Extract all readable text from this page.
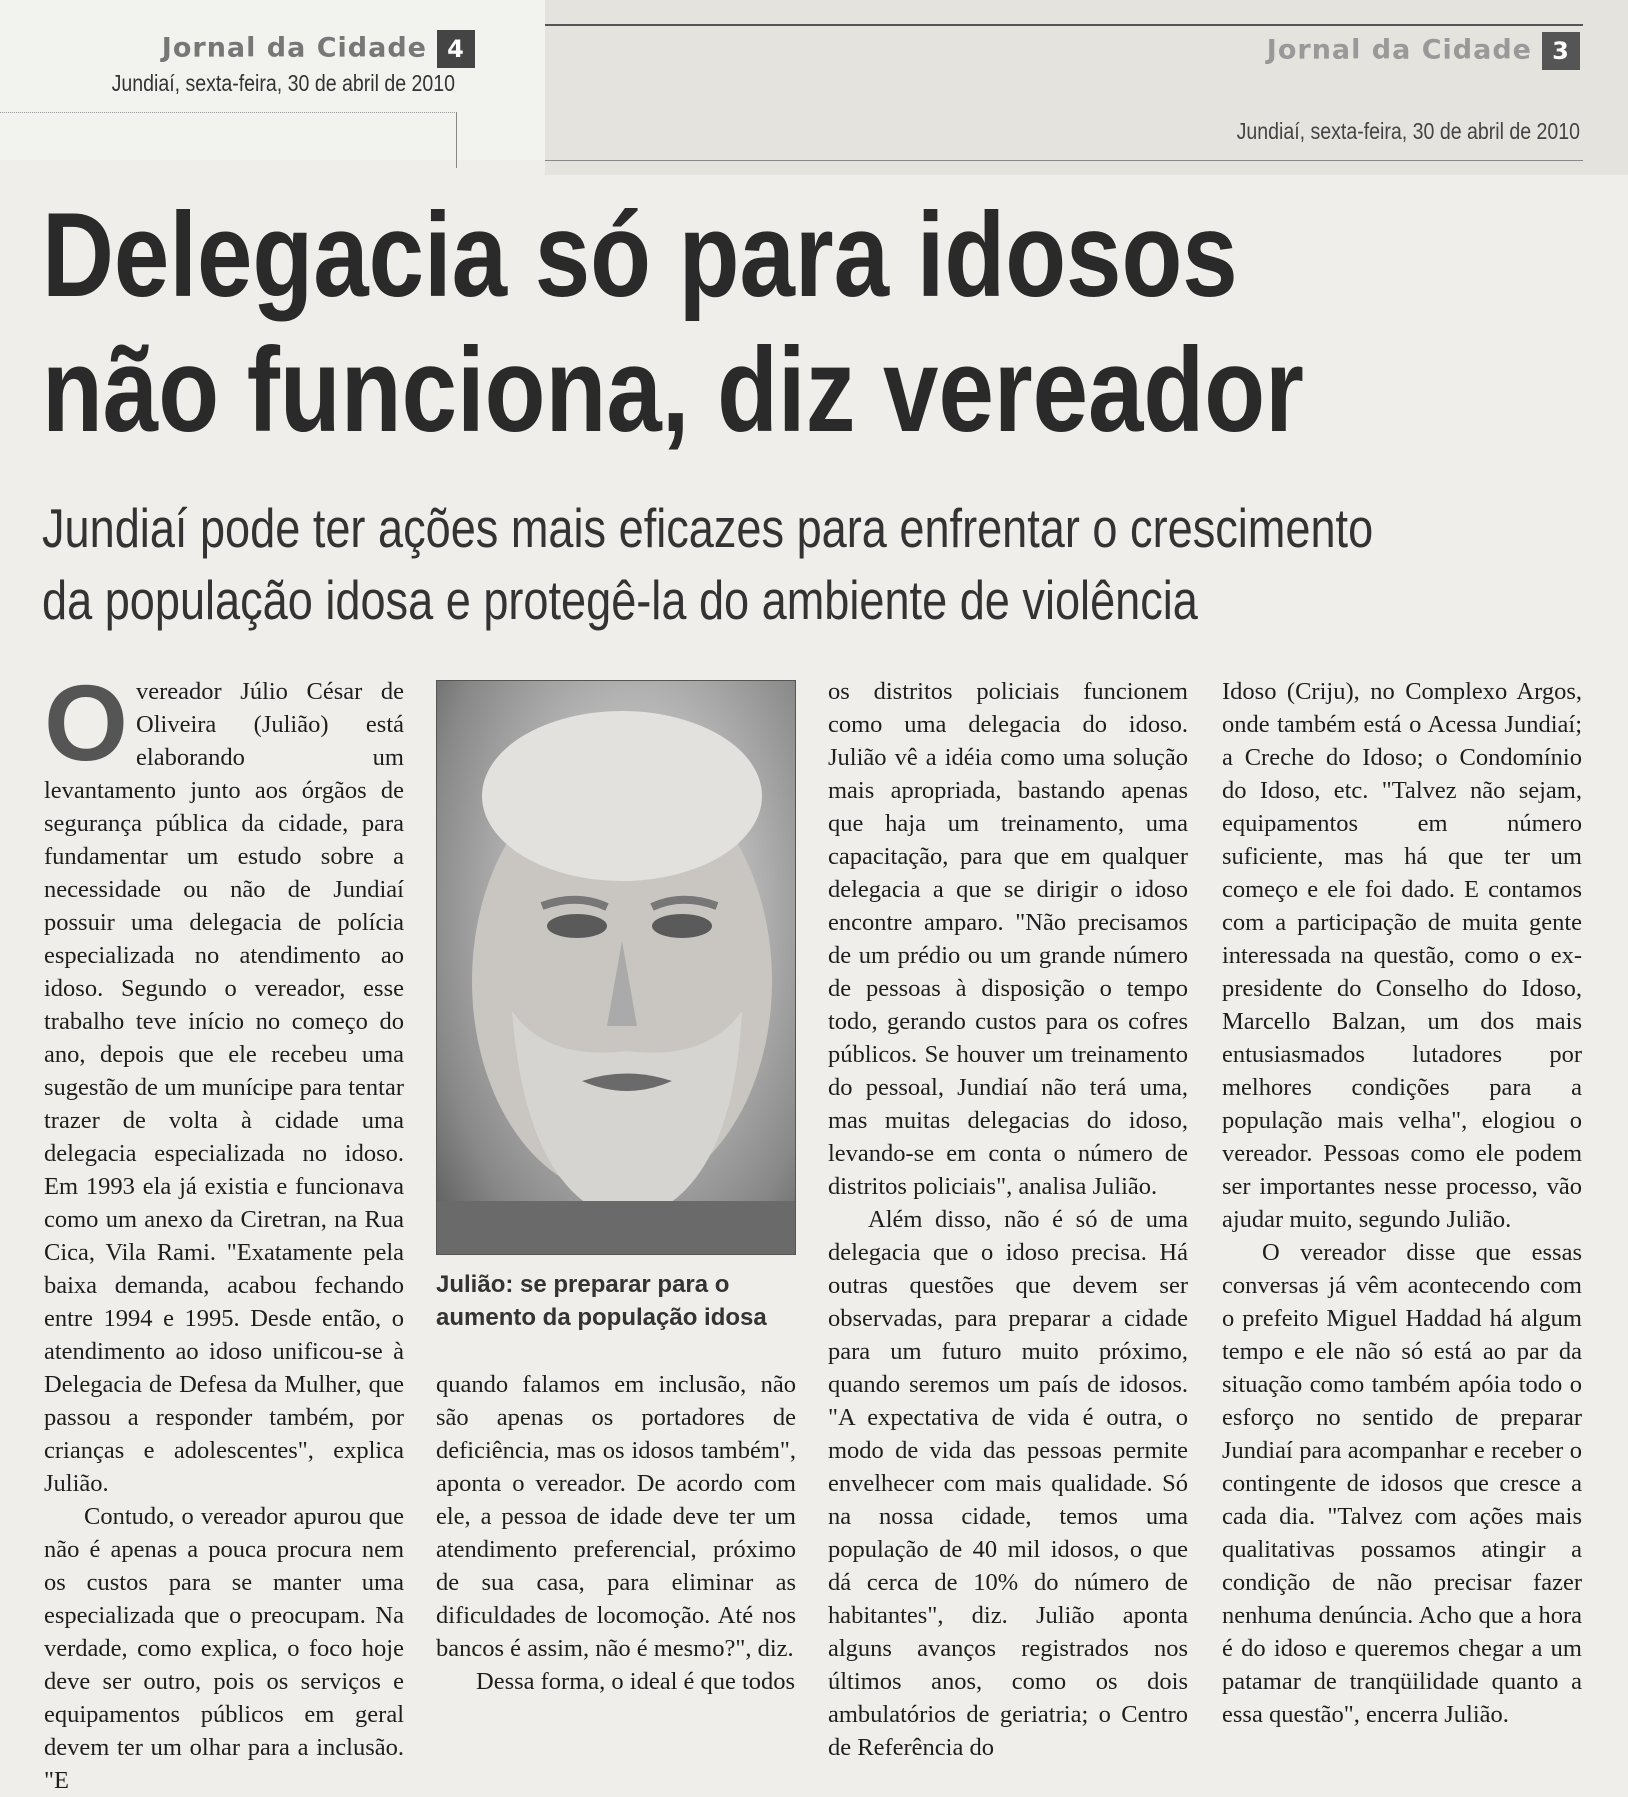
Jornal da Cidade 4
Jundiaí, sexta-feira, 30 de abril de 2010
Jornal da Cidade 3
Jundiaí, sexta-feira, 30 de abril de 2010
Delegacia só para idosos
não funciona, diz vereador
Jundiaí pode ter ações mais eficazes para enfrentar o crescimento
da população idosa e protegê-la do ambiente de violência
O vereador Júlio César de Oliveira (Julião) está elaborando um levantamento junto aos órgãos de segurança pública da cidade, para fundamentar um estudo sobre a necessidade ou não de Jundiaí possuir uma delegacia de polícia especializada no atendimento ao idoso. Segundo o vereador, esse trabalho teve início no começo do ano, depois que ele recebeu uma sugestão de um munícipe para tentar trazer de volta à cidade uma delegacia especializada no idoso. Em 1993 ela já existia e funcionava como um anexo da Ciretran, na Rua Cica, Vila Rami. "Exatamente pela baixa demanda, acabou fechando entre 1994 e 1995. Desde então, o atendimento ao idoso unificou-se à Delegacia de Defesa da Mulher, que passou a responder também, por crianças e adolescentes", explica Julião.

Contudo, o vereador apurou que não é apenas a pouca procura nem os custos para se manter uma especializada que o preocupam. Na verdade, como explica, o foco hoje deve ser outro, pois os serviços e equipamentos públicos em geral devem ter um olhar para a inclusão. "E

Julião: se preparar para o aumento da população idosa

quando falamos em inclusão, não são apenas os portadores de deficiência, mas os idosos também", aponta o vereador. De acordo com ele, a pessoa de idade deve ter um atendimento preferencial, próximo de sua casa, para eliminar as dificuldades de locomoção. Até nos bancos é assim, não é mesmo?", diz.

Dessa forma, o ideal é que todos

os distritos policiais funcionem como uma delegacia do idoso. Julião vê a idéia como uma solução mais apropriada, bastando apenas que haja um treinamento, uma capacitação, para que em qualquer delegacia a que se dirigir o idoso encontre amparo. "Não precisamos de um prédio ou um grande número de pessoas à disposição o tempo todo, gerando custos para os cofres públicos. Se houver um treinamento do pessoal, Jundiaí não terá uma, mas muitas delegacias do idoso, levando-se em conta o número de distritos policiais", analisa Julião.

Além disso, não é só de uma delegacia que o idoso precisa. Há outras questões que devem ser observadas, para preparar a cidade para um futuro muito próximo, quando seremos um país de idosos. "A expectativa de vida é outra, o modo de vida das pessoas permite envelhecer com mais qualidade. Só na nossa cidade, temos uma população de 40 mil idosos, o que dá cerca de 10% do número de habitantes", diz. Julião aponta alguns avanços registrados nos últimos anos, como os dois ambulatórios de geriatria; o Centro de Referência do

Idoso (Criju), no Complexo Argos, onde também está o Acessa Jundiaí; a Creche do Idoso; o Condomínio do Idoso, etc. "Talvez não sejam, equipamentos em número suficiente, mas há que ter um começo e ele foi dado. E contamos com a participação de muita gente interessada na questão, como o ex-presidente do Conselho do Idoso, Marcello Balzan, um dos mais entusiasmados lutadores por melhores condições para a população mais velha", elogiou o vereador. Pessoas como ele podem ser importantes nesse processo, vão ajudar muito, segundo Julião.

O vereador disse que essas conversas já vêm acontecendo com o prefeito Miguel Haddad há algum tempo e ele não só está ao par da situação como também apóia todo o esforço no sentido de preparar Jundiaí para acompanhar e receber o contingente de idosos que cresce a cada dia. "Talvez com ações mais qualitativas possamos atingir a condição de não precisar fazer nenhuma denúncia. Acho que a hora é do idoso e queremos chegar a um patamar de tranqüilidade quanto a essa questão", encerra Julião.
